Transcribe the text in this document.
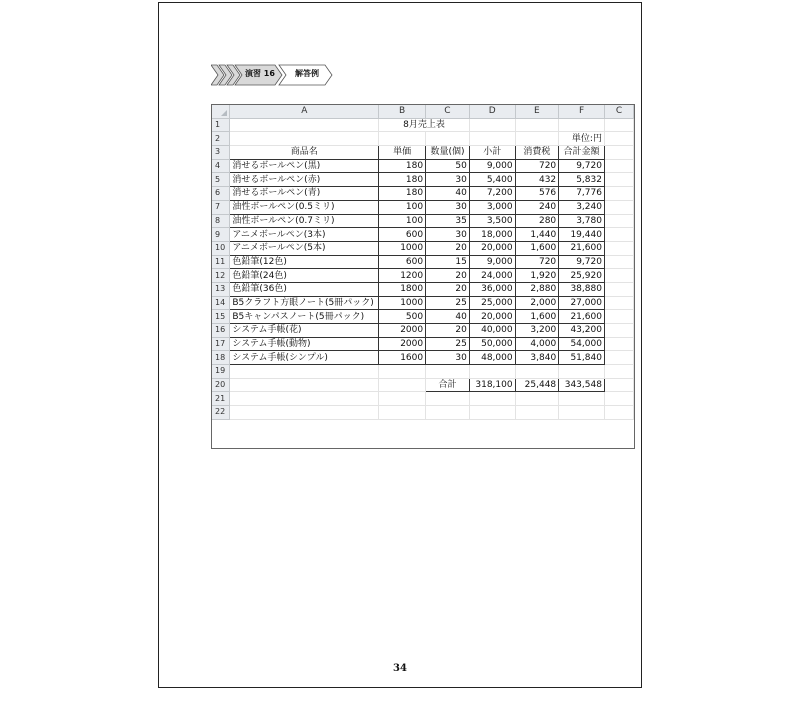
演習 16	解答例
	A	B	C	D	E	F	C
1		8月売上表					
2						単位:円	
3	商品名	単価	数量(個)	小計	消費税	合計金額	
4	消せるボールペン(黒)	180	50	9,000	720	9,720	
5	消せるボールペン(赤)	180	30	5,400	432	5,832	
6	消せるボールペン(青)	180	40	7,200	576	7,776	
7	油性ボールペン(0.5ミリ)	100	30	3,000	240	3,240	
8	油性ボールペン(0.7ミリ)	100	35	3,500	280	3,780	
9	アニメボールペン(3本)	600	30	18,000	1,440	19,440	
10	アニメボールペン(5本)	1000	20	20,000	1,600	21,600	
11	色鉛筆(12色)	600	15	9,000	720	9,720	
12	色鉛筆(24色)	1200	20	24,000	1,920	25,920	
13	色鉛筆(36色)	1800	20	36,000	2,880	38,880	
14	B5クラフト方眼ノート(5冊パック)	1000	25	25,000	2,000	27,000	
15	B5キャンパスノート(5冊パック)	500	40	20,000	1,600	21,600	
16	システム手帳(花)	2000	20	40,000	3,200	43,200	
17	システム手帳(動物)	2000	25	50,000	4,000	54,000	
18	システム手帳(シンプル)	1600	30	48,000	3,840	51,840	
19							
20			合計	318,100	25,448	343,548	
21							
22							
34
